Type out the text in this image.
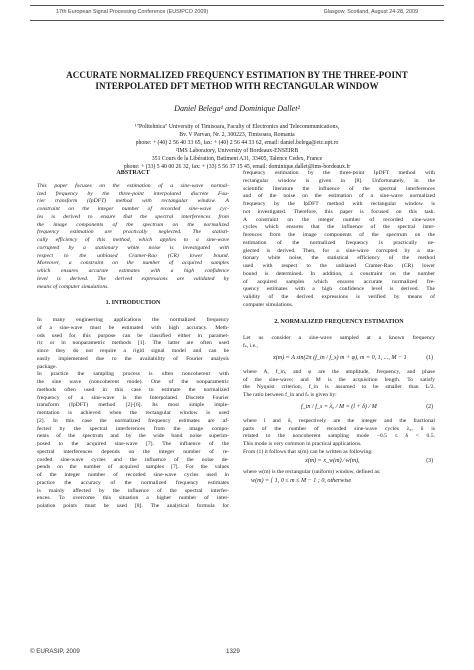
17th European Signal Processing Conference (EUSIPCO 2009)	Glasgow, Scotland, August 24-28, 2009
ACCURATE NORMALIZED FREQUENCY ESTIMATION BY THE THREE-POINT
INTERPOLATED DFT METHOD WITH RECTANGULAR WINDOW
Daniel Belega¹ and Dominique Dallet²
¹"Politehnica" University of Timisoara, Faculty of Electronics and Telecommunications,
Bv. V Parvan, Nr. 2, 300223, Timisoara, Romania
phone: + (40) 2 56 40 33 65, fax: + (40) 2 56 44 33 62, email: daniel.belega@etc.upt.ro
²IMS Laboratory, University of Bordeaux-ENSEIRB
351 Cours de la Libération, Batiment A31, 33405, Talence Cedex, France
phone: + (33) 5 40 00 26 32, fax: + (33) 5 56 37 15 45, email: dominique.dallet@ims-bordeaux.fr
ABSTRACT
This paper focuses on the estimation of a sine-wave normal-
ized frequency by the three-point interpolated discrete Fou-
rier transform (IpDFT) method with rectangular window. A
constraint on the integer number of recorded sine-wave cyc-
les is derived to ensure that the spectral interferences from
the image components of the spectrum on the normalized
frequency estimation are practically neglected. The statisti-
cally efficiency of this method, which applies to a sine-wave
corrupted by a stationary white noise is investigated with
respect to the unbiased Cramer-Rao (CR) lower bound.
Moreover, a constraint on the number of acquired samples
which ensures accurate estimates with a high confidence
level is derived. The derived expressions are validated by
means of computer simulations.
1. INTRODUCTION
In many engineering applications the normalized frequency
of a sine-wave must be estimated with high accuracy. Meth-
ods used for this purpose can be classified either in paramet-
ric or in nonparametric methods [1]. The latter are often used
since they do not require a rigid signal model and can be
easily implemented due to the availability of Fourier analysis
package.
In practice the sampling process is often noncoherent with
the sine wave (noncoherent mode). One of the nonparametric
methods often used in this case to estimate the normalized
frequency of a sine-wave is the Interpolated Discrete Fourier
transform (IpDFT) method [2]-[6]. Its most simple imple-
mentation is achieved when the rectangular window is used
[2]. In this case the normalized frequency estimates are af-
fected by the spectral interferences from the image compo-
nents of the spectrum and by the wide band noise superim-
posed to the acquired sine-wave [7]. The influence of the
spectral interferences depends on the integer number of re-
corded sine-wave cycles and the influence of the noise de-
pends on the number of acquired samples [7]. For the values
of the integer number of recorded sine-wave cycles used in
practice the accuracy of the normalized frequency estimates
is mainly affected by the influence of the spectral interfer-
ences. To overcome this situation a higher number of inter-
polation points must be used [8]. The analytical formula for
frequency estimation by the three-point IpDFT method with
rectangular window is given in [8]. Unfortunately, in the
scientific literature the influence of the spectral interferences
and of the noise on the estimation of a sine-wave normalized
frequency by the IpDFT method with rectangular window is
not investigated. Therefore, this paper is focused on this task.
A constraint on the integer number of recorded sine-wave
cycles which ensures that the influence of the spectral inter-
ferences from the image components of the spectrum on the
estimation of the normalized frequency is practically ne-
glected is derived. Then, for a sine-wave corrupted by a sta-
tionary white noise, the statistical efficiency of the method
used with respect to the unbiased Cramer-Rao (CR) lower
bound is determined. In addition, a constraint on the number
of acquired samples which ensures accurate normalized fre-
quency estimates with a high confidence level is derived. The
validity of the derived expressions is verified by means of
computer simulations.
2. NORMALIZED FREQUENCY ESTIMATION
Let us consider a sine-wave sampled at a known frequency
fₛ, i.e.,
x(m) = A sin(2π (f_in / f_s) m + φ), m = 0, 1, ..., M − 1	(1)
where A, f_in, and φ are the amplitude, frequency, and phase
of the sine-wave; and M is the acquisition length. To satisfy
the Nyquist criterion, f_in is assumed to be smaller than fₛ/2.
The ratio between f_in and fₛ is given by:
f_in / f_s = λ₀ / M = (l + δ) / M	(2)
where l and δ, respectively are the integer and the fractional
parts of the number of recorded sine-wave cycles λ₀. δ is
related to the noncoherent sampling mode −0.5 ≤ δ < 0.5.
This mode is very common in practical applications.
From (1) it follows that x(m) can be written as following:
x(m) = x_w(m) ⁄ w(m),	(3)
where w(m) is the rectangular (uniform) window, defined as:
w(m) = { 1, 0 ≤ m ≤ M − 1 ; 0, otherwise
© EURASIP, 2009	1329
